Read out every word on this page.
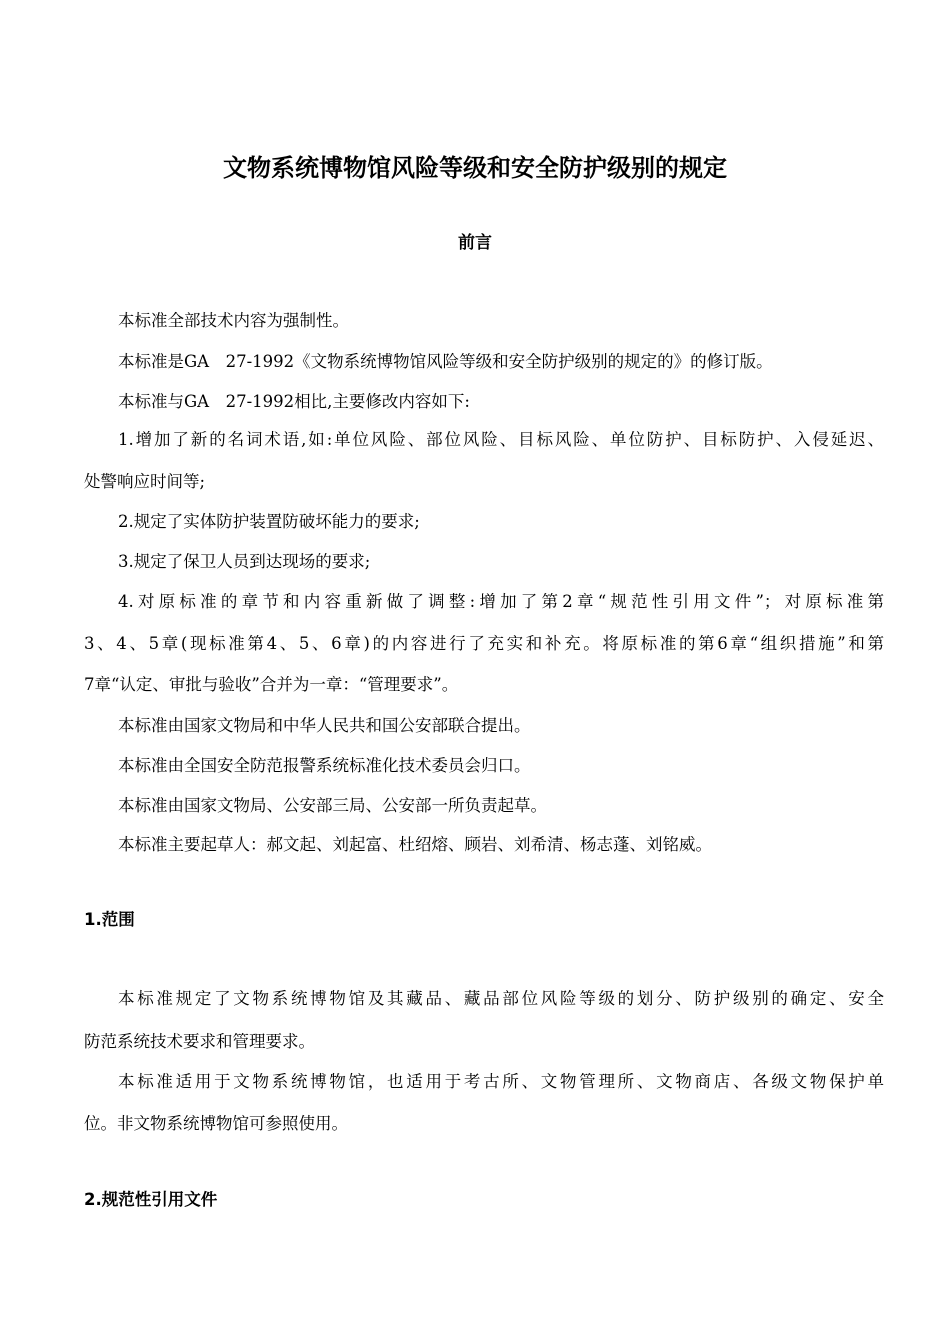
文物系统博物馆风险等级和安全防护级别的规定
前言
本标准全部技术内容为强制性。
本标准是GA　27-1992《文物系统博物馆风险等级和安全防护级别的规定的》的修订版。
本标准与GA　27-1992相比,主要修改内容如下:
1.增加了新的名词术语,如:单位风险、部位风险、目标风险、单位防护、目标防护、入侵延迟、
处警响应时间等;
2.规定了实体防护装置防破坏能力的要求;
3.规定了保卫人员到达现场的要求;
4.对原标准的章节和内容重新做了调整:增加了第2章“规范性引用文件”；对原标准第
3、4、5章(现标准第4、5、6章)的内容进行了充实和补充。将原标准的第6章“组织措施”和第
7章“认定、审批与验收”合并为一章：“管理要求”。
本标准由国家文物局和中华人民共和国公安部联合提出。
本标准由全国安全防范报警系统标准化技术委员会归口。
本标准由国家文物局、公安部三局、公安部一所负责起草。
本标准主要起草人：郝文起、刘起富、杜绍熔、顾岩、刘希清、杨志蓬、刘铭威。
1.范围
本标准规定了文物系统博物馆及其藏品、藏品部位风险等级的划分、防护级别的确定、安全
防范系统技术要求和管理要求。
本标准适用于文物系统博物馆，也适用于考古所、文物管理所、文物商店、各级文物保护单
位。非文物系统博物馆可参照使用。
2.规范性引用文件
